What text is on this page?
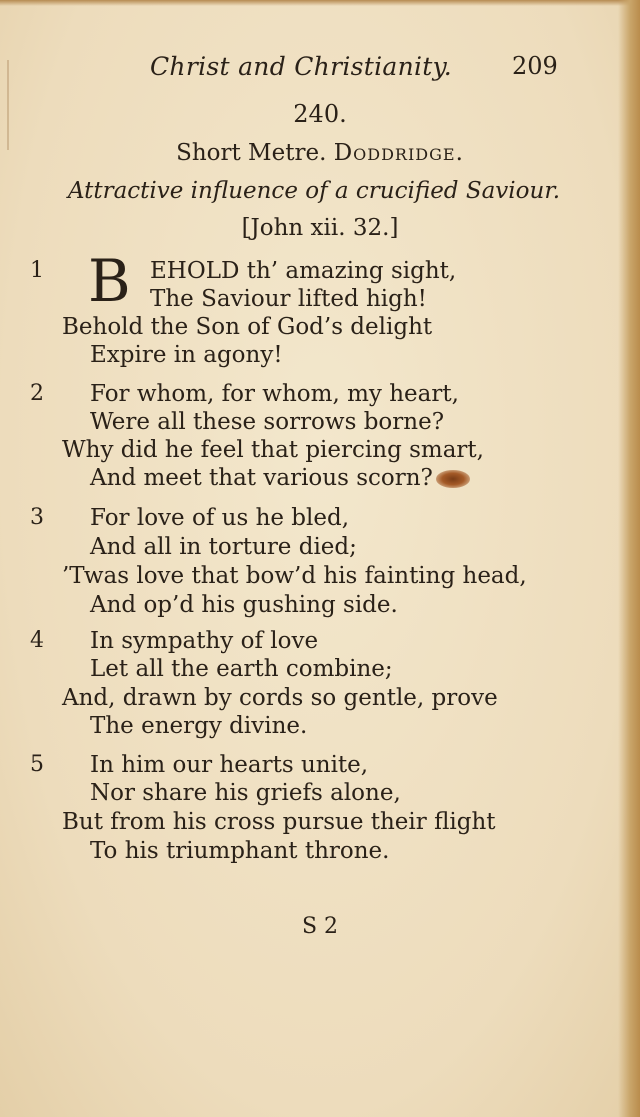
Christ and Christianity.	209
240.
Short Metre. Doddridge.
Attractive influence of a crucified Saviour.
[John xii. 32.]
1 B EHOLD th’ amazing sight,
The Saviour lifted high!
Behold the Son of God’s delight
Expire in agony!
2 For whom, for whom, my heart,
Were all these sorrows borne?
Why did he feel that piercing smart,
And meet that various scorn?
3 For love of us he bled,
And all in torture died;
’Twas love that bow’d his fainting head,
And op’d his gushing side.
4 In sympathy of love
Let all the earth combine;
And, drawn by cords so gentle, prove
The energy divine.
5 In him our hearts unite,
Nor share his griefs alone,
But from his cross pursue their flight
To his triumphant throne.
S 2
